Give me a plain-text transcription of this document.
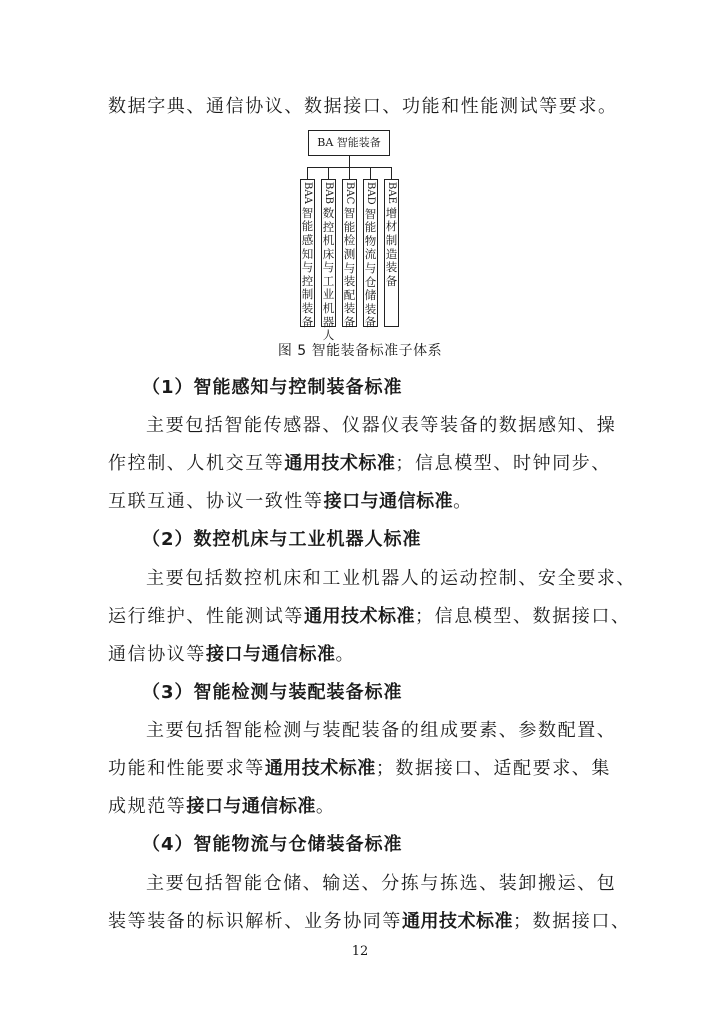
数据字典、通信协议、数据接口、功能和性能测试等要求。
BA 智能装备
BAA
智能感知与控制装备
BAB
数控机床与工业机器人
BAC
智能检测与装配装备
BAD
智能物流与仓储装备
BAE
增材制造装备
图 5 智能装备标准子体系
（1）智能感知与控制装备标准
主要包括智能传感器、仪器仪表等装备的数据感知、操
作控制、人机交互等通用技术标准；信息模型、时钟同步、
互联互通、协议一致性等接口与通信标准。
（2）数控机床与工业机器人标准
主要包括数控机床和工业机器人的运动控制、安全要求、
运行维护、性能测试等通用技术标准；信息模型、数据接口、
通信协议等接口与通信标准。
（3）智能检测与装配装备标准
主要包括智能检测与装配装备的组成要素、参数配置、
功能和性能要求等通用技术标准；数据接口、适配要求、集
成规范等接口与通信标准。
（4）智能物流与仓储装备标准
主要包括智能仓储、输送、分拣与拣选、装卸搬运、包
装等装备的标识解析、业务协同等通用技术标准；数据接口、
12
